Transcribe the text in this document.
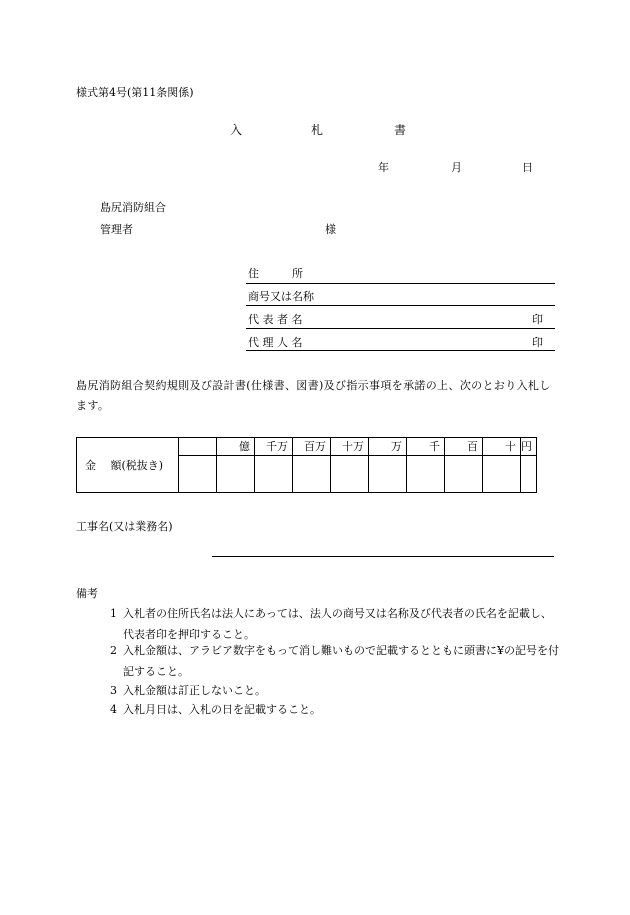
様式第4号(第11条関係)
入	札	書
年	月	日
島尻消防組合
管理者	様
住　　　所
商号又は名称
代 表 者 名	印
代 理 人 名	印
島尻消防組合契約規則及び設計書(仕様書、図書)及び指示事項を承諾の上、次のとおり入札します。
金　 額(税抜き)		億	千万	百万	十万	万	千	百	十	円

工事名(又は業務名)
備考
1 入札者の住所氏名は法人にあっては、法人の商号又は名称及び代表者の氏名を記載し、代表者印を押印すること。
2 入札金額は、アラビア数字をもって消し難いもので記載するとともに頭書に¥の記号を付記すること。
3 入札金額は訂正しないこと。
4 入札月日は、入札の日を記載すること。
